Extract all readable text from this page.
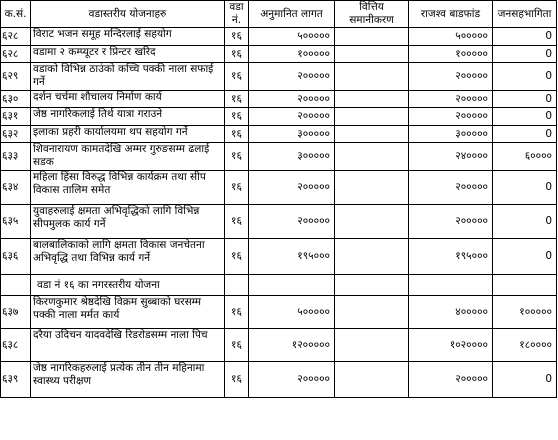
क.सं.	वडास्तरीय योजनाहरु	वडा नं.	अनुमानित लागत	वित्तिय समानीकरण	राजश्व बाडफांड	जनसहभागिता
६२८	विराट भजन समूह मन्दिरलाई सहयोग	१६	५०००००		५०००००	0
६२८	वडामा २ कम्प्यूटर र प्रिन्टर खरिद	१६	१०००००		१०००००	0
६२९	वडाको विभिन्न ठाउंको कच्चि पक्की नाला सफाई गर्ने	१६	२०००००		२०००००	0
६३०	दर्शन चर्चमा शौचालय निर्माण कार्य	१६	२०००००		२०००००	0
६३१	जेष्ठ नागरिकलाई तिर्थ यात्रा गराउने	१६	२०००००		२०००००	0
६३२	इलाका प्रहरी कार्यालयमा थप सहयोग गर्ने	१६	३०००००		३०००००	0
६३३	शिवनारायण कामतदेखि अम्मर गुरुङसम्म ढलाई सडक	१६	३०००००		२४००००	६००००
६३४	महिला हिंसा विरुद्ध विभिन्न कार्यक्रम तथा सीप विकास तालिम समेत	१६	२०००००		२०००००	0
६३५	युवाहरुलाई क्षमता अभिवृद्धिको लागि विभिन्न सीपमुलक कार्य गर्ने	१६	२०००००		२०००००	0
६३६	बालबालिकाको लागि क्षमता विकास जनचेतना अभिवृद्धि तथा विभिन्न कार्य गर्ने	१६	१९५०००		१९५०००	0
	वडा नं १६ का नगरस्तरीय योजना					
६३७	किरणकुमार श्रेष्ठदेखि विक्रम सुब्बाको घरसम्म पक्की नाला मर्मत कार्य	१६	५०००००		४०००००	१०००००
६३८	दरैया उदिचन यादवदेखि रिडरोडसम्म नाला पिच	१६	१२०००००		१०२००००	१८००००
६३९	जेष्ठ नागरिकहरुलाई प्रत्येक तीन तीन महिनामा स्वास्थ्य परीक्षण	१६	२०००००		२०००००	0
